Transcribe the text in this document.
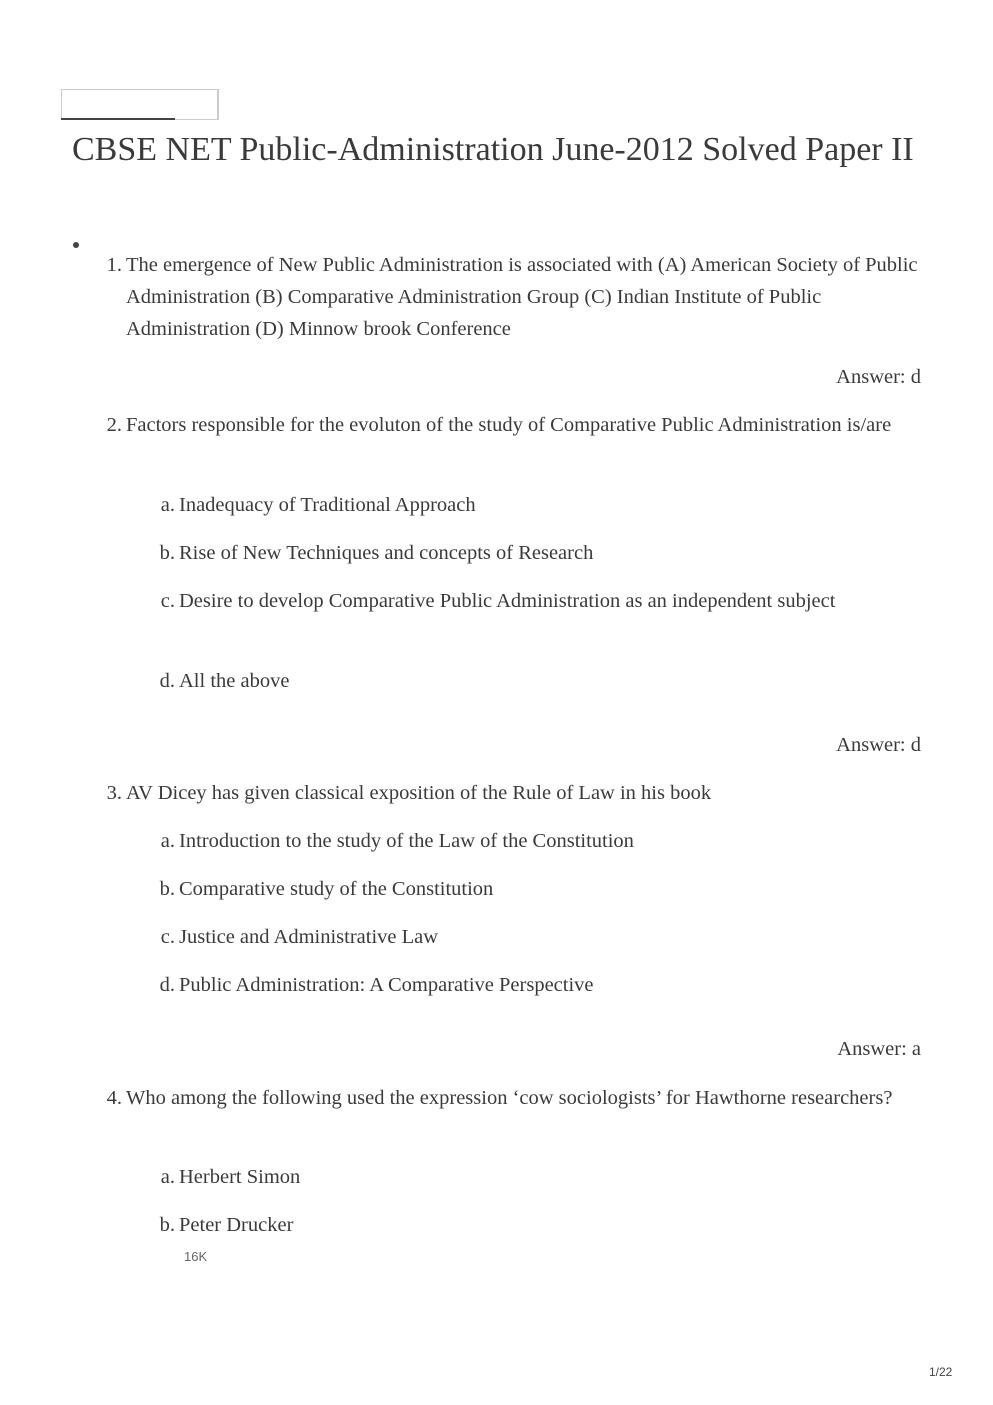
CBSE NET Public-Administration June-2012 Solved Paper II
1. The emergence of New Public Administration is associated with (A) American Society of Public Administration (B) Comparative Administration Group (C) Indian Institute of Public Administration (D) Minnow brook Conference
Answer: d
2. Factors responsible for the evoluton of the study of Comparative Public Administration is/are
a. Inadequacy of Traditional Approach
b. Rise of New Techniques and concepts of Research
c. Desire to develop Comparative Public Administration as an independent subject
d. All the above
Answer: d
3. AV Dicey has given classical exposition of the Rule of Law in his book
a. Introduction to the study of the Law of the Constitution
b. Comparative study of the Constitution
c. Justice and Administrative Law
d. Public Administration: A Comparative Perspective
Answer: a
4. Who among the following used the expression ‘cow sociologists’ for Hawthorne researchers?
a. Herbert Simon
b. Peter Drucker
16K
1/22
